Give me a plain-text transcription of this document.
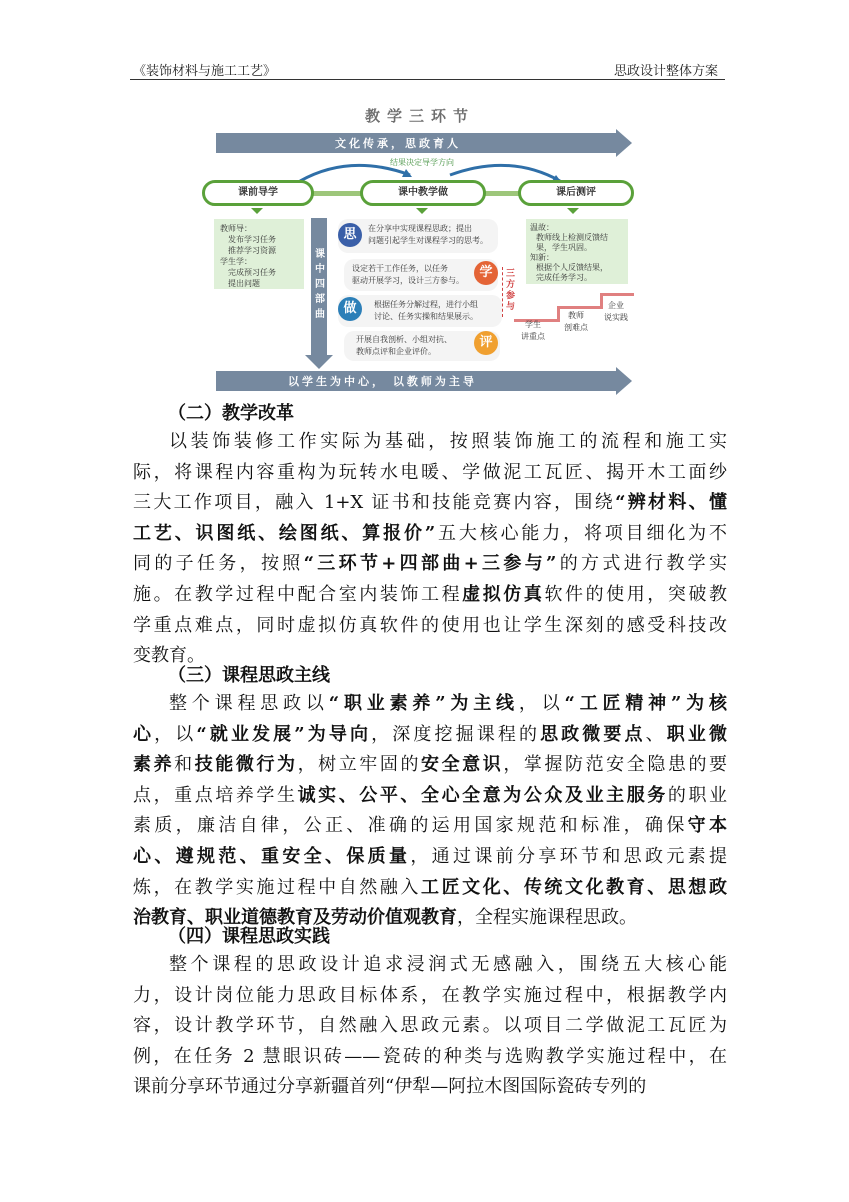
《装饰材料与施工工艺》	思政设计整体方案
教学三环节
文化传承，思政育人
结果决定导学方向
课前导学	课中教学做	课后测评
教师导：
发布学习任务
推荐学习资源
学生学：
完成预习任务
提出问题
温故：
教师线上检测反馈结
果，学生巩固。
知新：
根据个人反馈结果，
完成任务学习。
课中四部曲
在分享中实现课程思政；提出
问题引起学生对课程学习的思考。
思
设定若干工作任务，以任务
驱动开展学习，设计三方参与。
学
根据任务分解过程，进行小组
讨论、任务实操和结果展示。
做
开展自我剖析、小组对抗、
教师点评和企业评价。
评
三方参与
学生
讲重点
教师
剖难点
企业
说实践
以学生为中心， 以教师为主导
（二）教学改革
以装饰装修工作实际为基础，按照装饰施工的流程和施工实
际，将课程内容重构为玩转水电暖、学做泥工瓦匠、揭开木工面纱
三大工作项目，融入 1+X 证书和技能竞赛内容，围绕“辨材料、懂
工艺、识图纸、绘图纸、算报价”五大核心能力，将项目细化为不
同的子任务，按照“三环节+四部曲+三参与”的方式进行教学实
施。在教学过程中配合室内装饰工程虚拟仿真软件的使用，突破教
学重点难点，同时虚拟仿真软件的使用也让学生深刻的感受科技改
变教育。
（三）课程思政主线
整个课程思政以“职业素养”为主线，以“工匠精神”为核
心，以“就业发展”为导向，深度挖掘课程的思政微要点、职业微
素养和技能微行为，树立牢固的安全意识，掌握防范安全隐患的要
点，重点培养学生诚实、公平、全心全意为公众及业主服务的职业
素质，廉洁自律，公正、准确的运用国家规范和标准，确保守本
心、遵规范、重安全、保质量，通过课前分享环节和思政元素提
炼，在教学实施过程中自然融入工匠文化、传统文化教育、思想政
治教育、职业道德教育及劳动价值观教育，全程实施课程思政。
（四）课程思政实践
整个课程的思政设计追求浸润式无感融入，围绕五大核心能
力，设计岗位能力思政目标体系，在教学实施过程中，根据教学内
容，设计教学环节，自然融入思政元素。以项目二学做泥工瓦匠为
例，在任务 2 慧眼识砖——瓷砖的种类与选购教学实施过程中，在
课前分享环节通过分享新疆首列“伊犁—阿拉木图国际瓷砖专列的
